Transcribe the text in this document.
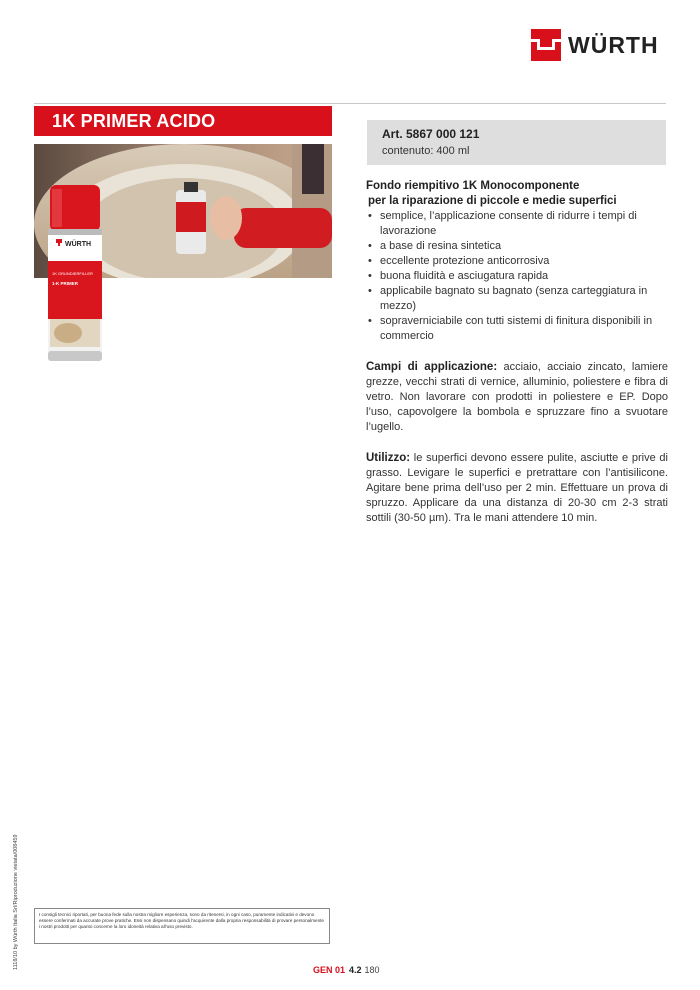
WÜRTH
1K PRIMER ACIDO
Art. 5867 000 121
contenuto: 400 ml
WÜRTH
1K GRUNDIERFILLER
1-K PRIMER
Fondo riempitivo 1K Monocomponente
per la riparazione di piccole e medie superfici
• semplice, l’applicazione consente di ridurre i tempi di lavorazione
• a base di resina sintetica
• eccellente protezione anticorrosiva
• buona fluidità e asciugatura rapida
• applicabile bagnato su bagnato (senza carteggiatura in mezzo)
• sopraverniciabile con tutti sistemi di finitura disponibili in commercio

Campi di applicazione: acciaio, acciaio zincato, lamiere grezze, vecchi strati di vernice, alluminio, poliestere e fibra di vetro. Non lavorare con prodotti in poliestere e EP. Dopo l’uso, capovolgere la bombola e spruzzare fino a svuotare l’ugello.

Utilizzo: le superfici devono essere pulite, asciutte e prive di grasso. Levigare le superfici e pretrattare con l’antisilicone. Agitare bene prima dell’uso per 2 min. Effettuare un prova di spruzzo. Applicare da una distanza di 20-30 cm 2-3 strati sottili (30-50 µm). Tra le mani attendere 10 min.

1118/10 by Würth Italia Srl/Riproduzione vietata/008459	I consigli tecnici riportati, per buona fede sulla nostra migliore esperienza, sono da ritenersi, in ogni caso, puramente indicativi e devono essere confermati da accurate prove pratiche. Essi non dispensano quindi l’acquirente dalla propria responsabilità di provare personalmente i nostri prodotti per quanto concerne la loro idoneità relativa all’uso previsto.
GEN 01 4.2 180
